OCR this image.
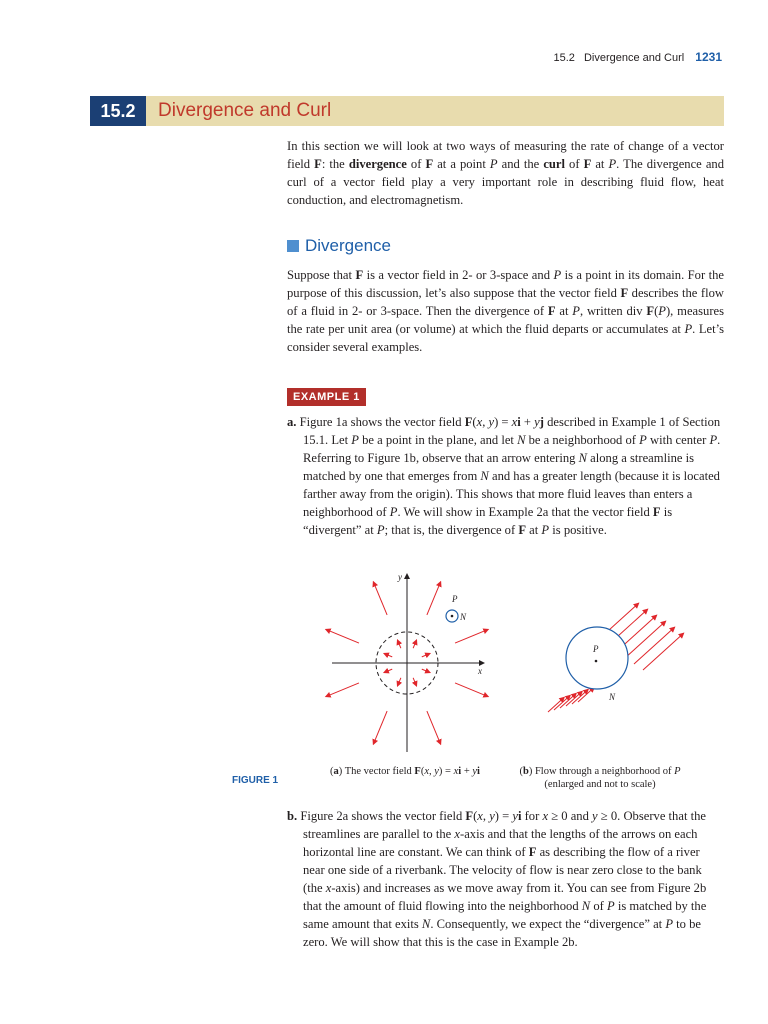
15.2 Divergence and Curl 1231
15.2	Divergence and Curl

In this section we will look at two ways of measuring the rate of change of a vector field F: the divergence of F at a point P and the curl of F at P. The divergence and curl of a vector field play a very important role in describing fluid flow, heat conduction, and electromagnetism.

Divergence

Suppose that F is a vector field in 2- or 3-space and P is a point in its domain. For the purpose of this discussion, let’s also suppose that the vector field F describes the flow of a fluid in 2- or 3-space. Then the divergence of F at P, written div F(P), measures the rate per unit area (or volume) at which the fluid departs or accumulates at P. Let’s consider several examples.

EXAMPLE 1
a. Figure 1a shows the vector field F(x, y) = xi + yj described in Example 1 of Section 15.1. Let P be a point in the plane, and let N be a neighborhood of P with center P. Referring to Figure 1b, observe that an arrow entering N along a streamline is matched by one that emerges from N and has a greater length (because it is located farther away from the origin). This shows that more fluid leaves than enters a neighborhood of P. We will show in Example 2a that the vector field F is “divergent” at P; that is, the divergence of F at P is positive.
y
x
P
N
P
N
(a) The vector field F(x, y) = xi + yi	(b) Flow through a neighborhood of P
(enlarged and not to scale)
FIGURE 1
b. Figure 2a shows the vector field F(x, y) = yi for x ≥ 0 and y ≥ 0. Observe that the streamlines are parallel to the x-axis and that the lengths of the arrows on each horizontal line are constant. We can think of F as describing the flow of a river near one side of a riverbank. The velocity of flow is near zero close to the bank (the x-axis) and increases as we move away from it. You can see from Figure 2b that the amount of fluid flowing into the neighborhood N of P is matched by the same amount that exits N. Consequently, we expect the “divergence” at P to be zero. We will show that this is the case in Example 2b.
